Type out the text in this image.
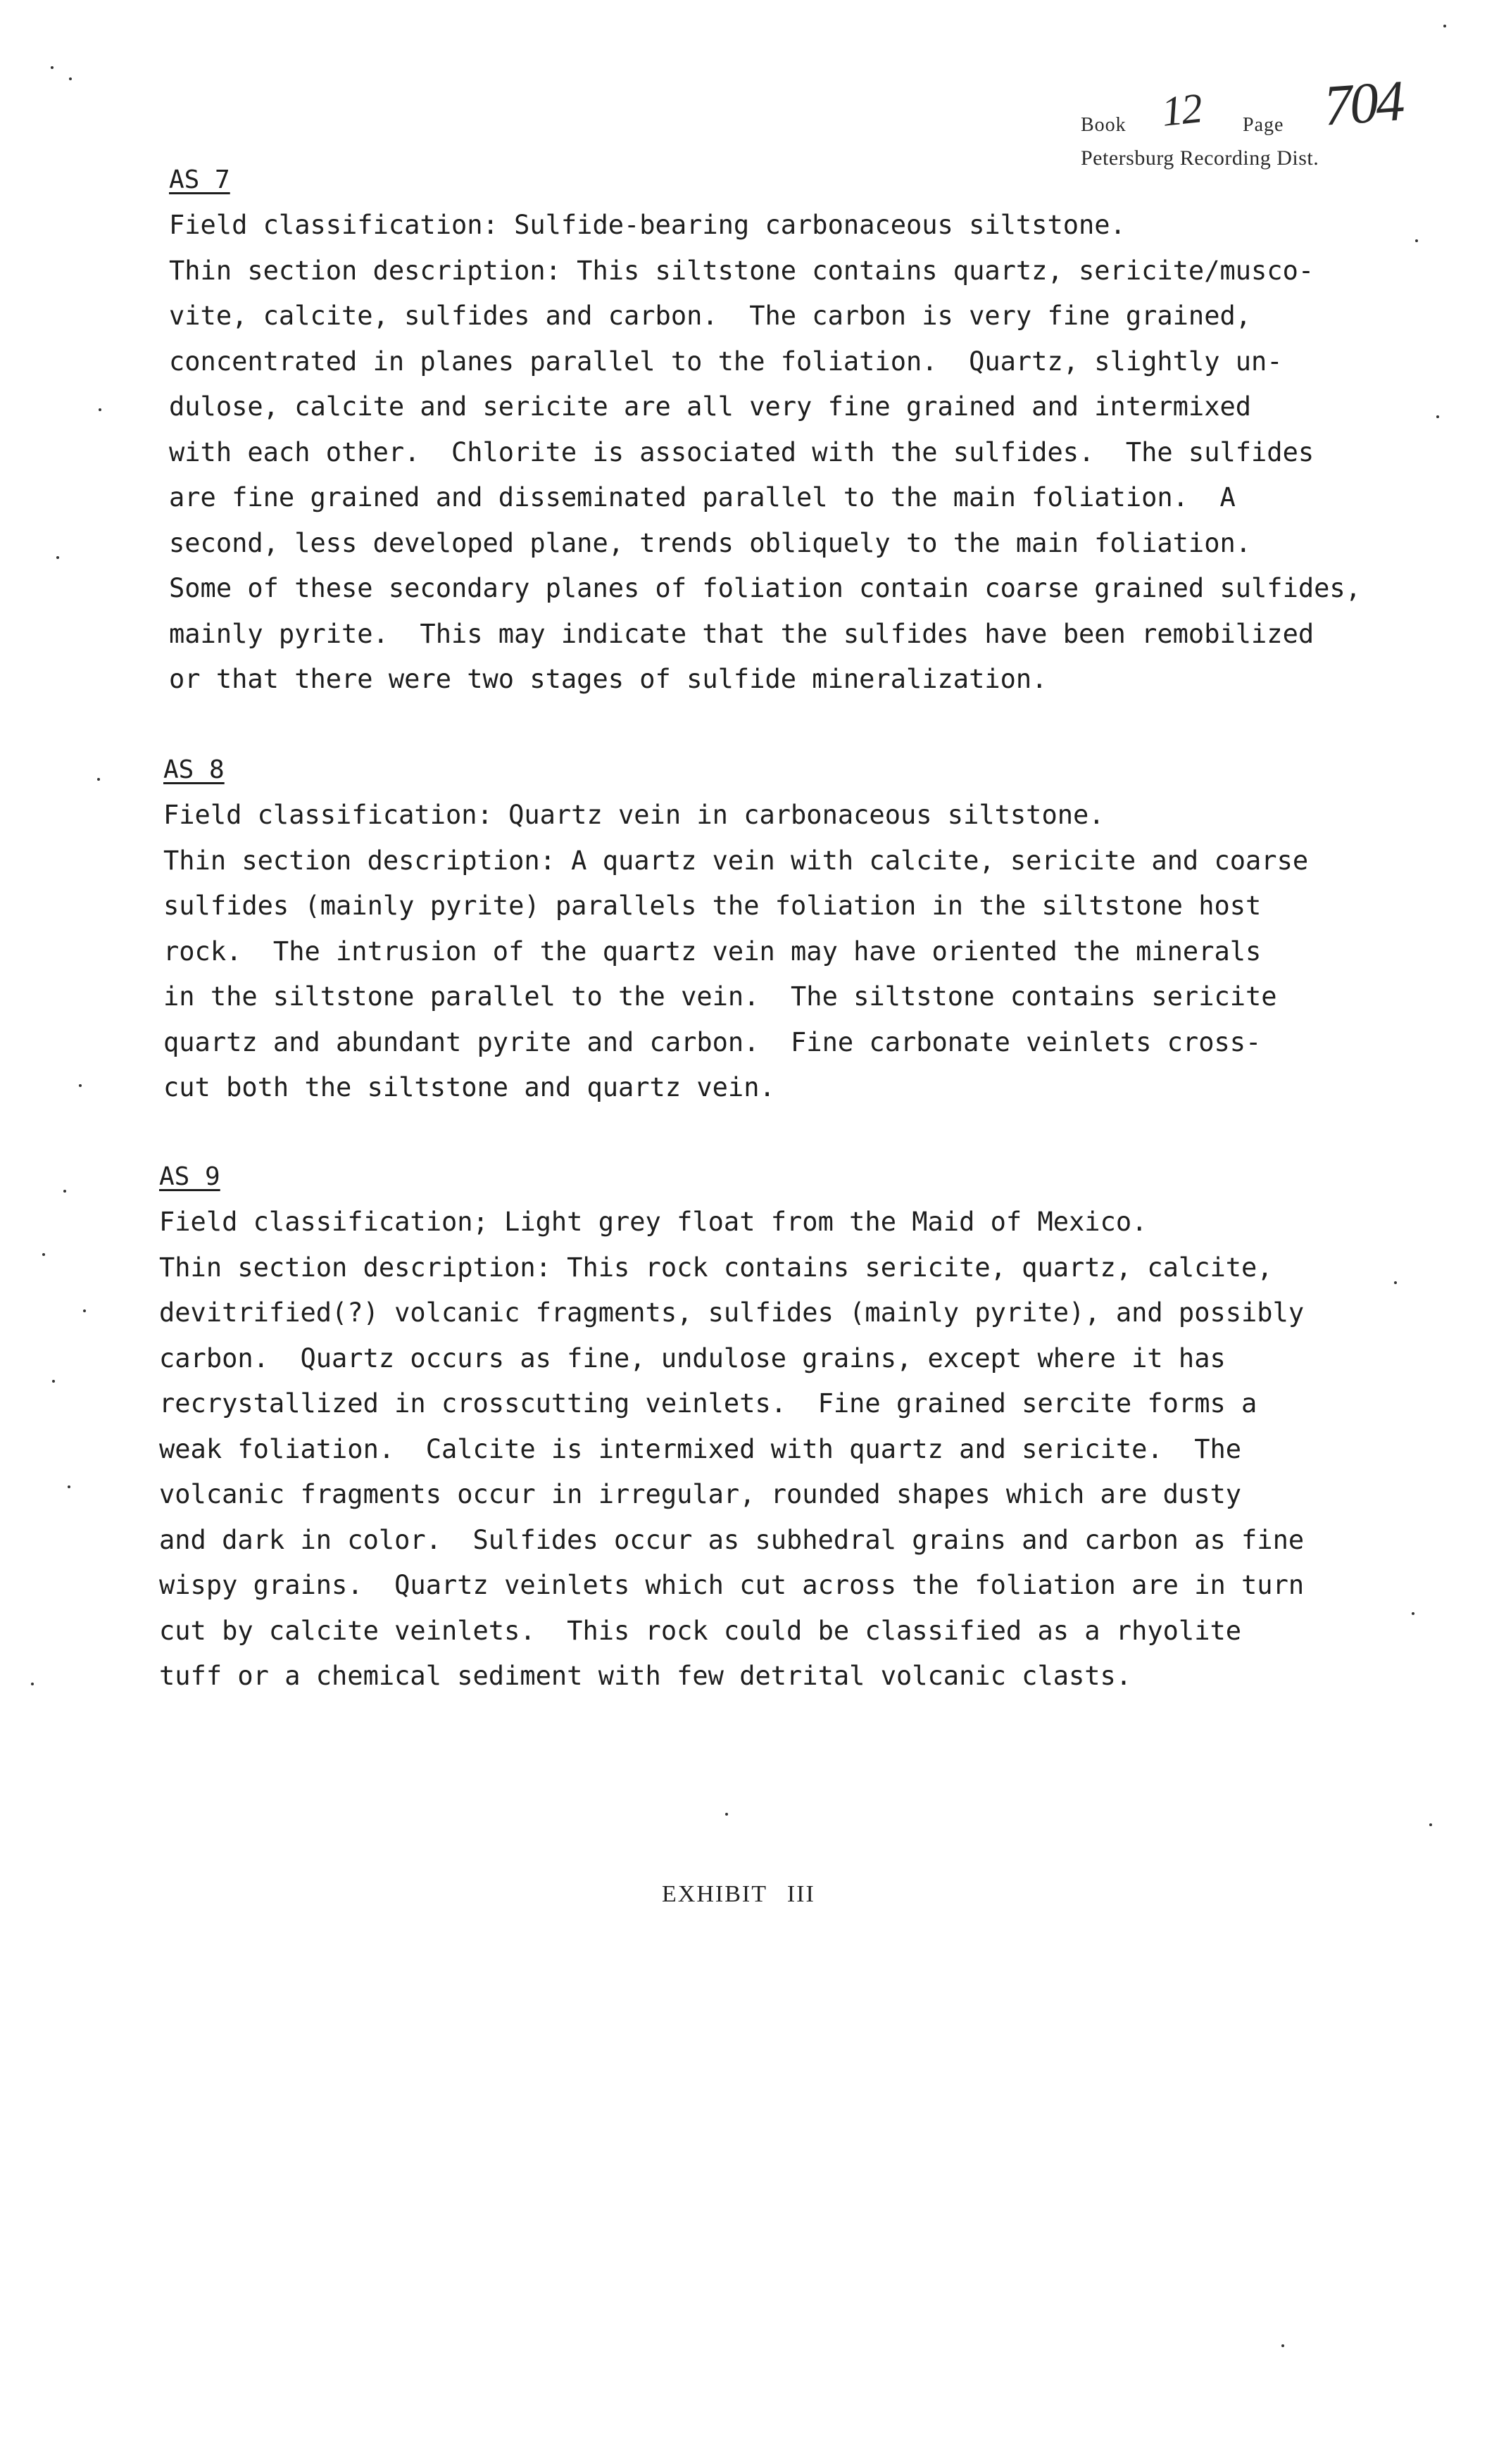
Book 12 Page 704
Petersburg Recording Dist.
AS 7

Field classification: Sulfide-bearing carbonaceous siltstone.

Thin section description: This siltstone contains quartz, sericite/musco-

vite, calcite, sulfides and carbon.  The carbon is very fine grained,

concentrated in planes parallel to the foliation.  Quartz, slightly un-

dulose, calcite and sericite are all very fine grained and intermixed

with each other.  Chlorite is associated with the sulfides.  The sulfides

are fine grained and disseminated parallel to the main foliation.  A

second, less developed plane, trends obliquely to the main foliation.

Some of these secondary planes of foliation contain coarse grained sulfides,

mainly pyrite.  This may indicate that the sulfides have been remobilized

or that there were two stages of sulfide mineralization.

AS 8

Field classification: Quartz vein in carbonaceous siltstone.

Thin section description: A quartz vein with calcite, sericite and coarse

sulfides (mainly pyrite) parallels the foliation in the siltstone host

rock.  The intrusion of the quartz vein may have oriented the minerals

in the siltstone parallel to the vein.  The siltstone contains sericite

quartz and abundant pyrite and carbon.  Fine carbonate veinlets cross-

cut both the siltstone and quartz vein.

AS 9

Field classification; Light grey float from the Maid of Mexico.

Thin section description: This rock contains sericite, quartz, calcite,

devitrified(?) volcanic fragments, sulfides (mainly pyrite), and possibly

carbon.  Quartz occurs as fine, undulose grains, except where it has

recrystallized in crosscutting veinlets.  Fine grained sercite forms a

weak foliation.  Calcite is intermixed with quartz and sericite.  The

volcanic fragments occur in irregular, rounded shapes which are dusty

and dark in color.  Sulfides occur as subhedral grains and carbon as fine

wispy grains.  Quartz veinlets which cut across the foliation are in turn

cut by calcite veinlets.  This rock could be classified as a rhyolite

tuff or a chemical sediment with few detrital volcanic clasts.

EXHIBIT III
